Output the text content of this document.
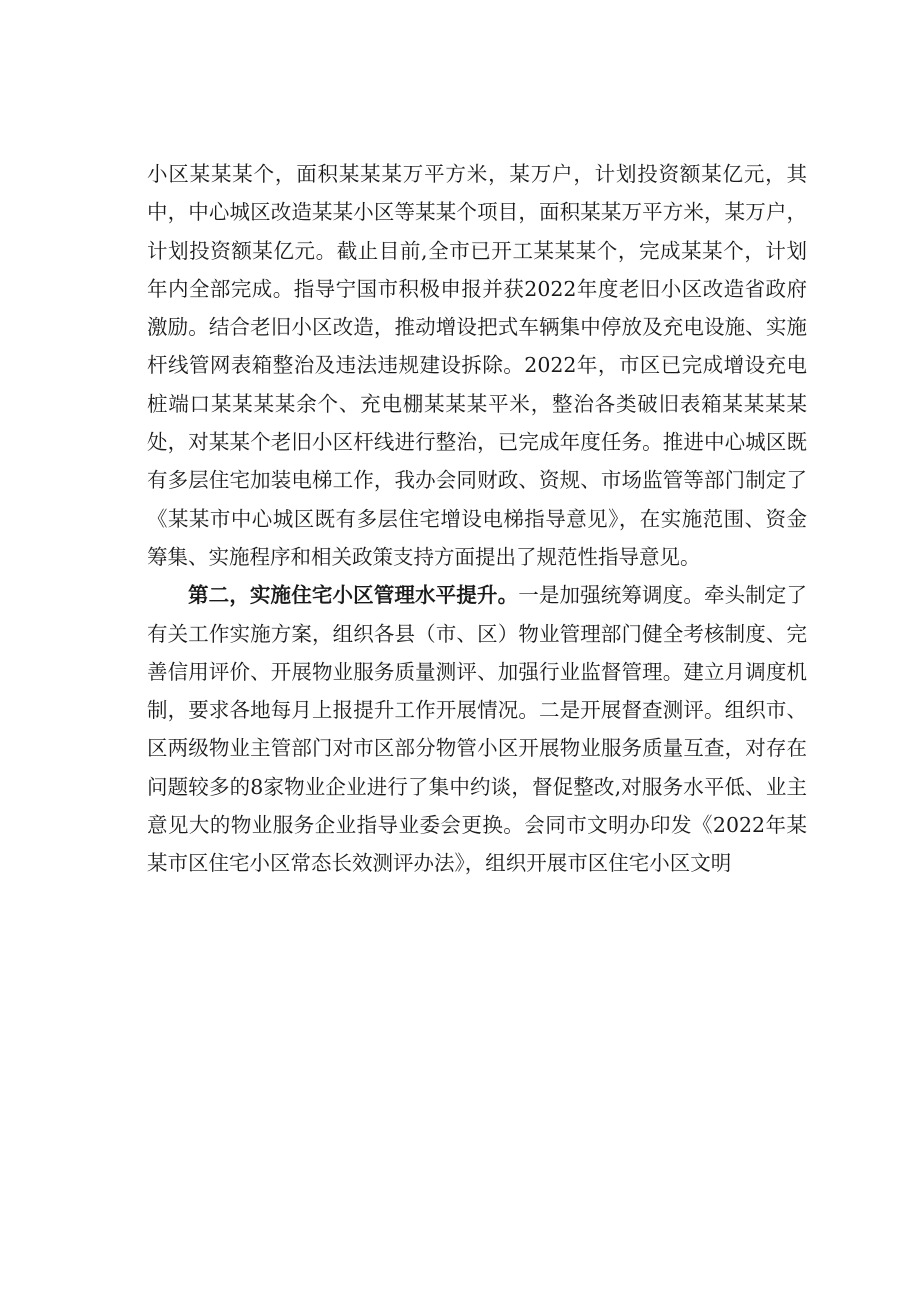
小区某某某个，面积某某某万平方米，某万户，计划投资额某亿元，其中，中心城区改造某某小区等某某个项目，面积某某万平方米，某万户，计划投资额某亿元。截止目前,全市已开工某某某个，完成某某个，计划年内全部完成。指导宁国市积极申报并获2022年度老旧小区改造省政府激励。结合老旧小区改造，推动增设把式车辆集中停放及充电设施、实施杆线管网表箱整治及违法违规建设拆除。2022年，市区已完成增设充电桩端口某某某某余个、充电棚某某某平米，整治各类破旧表箱某某某某处，对某某个老旧小区杆线进行整治，已完成年度任务。推进中心城区既有多层住宅加装电梯工作，我办会同财政、资规、市场监管等部门制定了《某某市中心城区既有多层住宅增设电梯指导意见》，在实施范围、资金筹集、实施程序和相关政策支持方面提出了规范性指导意见。

第二，实施住宅小区管理水平提升。一是加强统筹调度。牵头制定了有关工作实施方案，组织各县（市、区）物业管理部门健全考核制度、完善信用评价、开展物业服务质量测评、加强行业监督管理。建立月调度机制，要求各地每月上报提升工作开展情况。二是开展督查测评。组织市、区两级物业主管部门对市区部分物管小区开展物业服务质量互查，对存在问题较多的8家物业企业进行了集中约谈，督促整改,对服务水平低、业主意见大的物业服务企业指导业委会更换。会同市文明办印发《2022年某某市区住宅小区常态长效测评办法》，组织开展市区住宅小区文明
